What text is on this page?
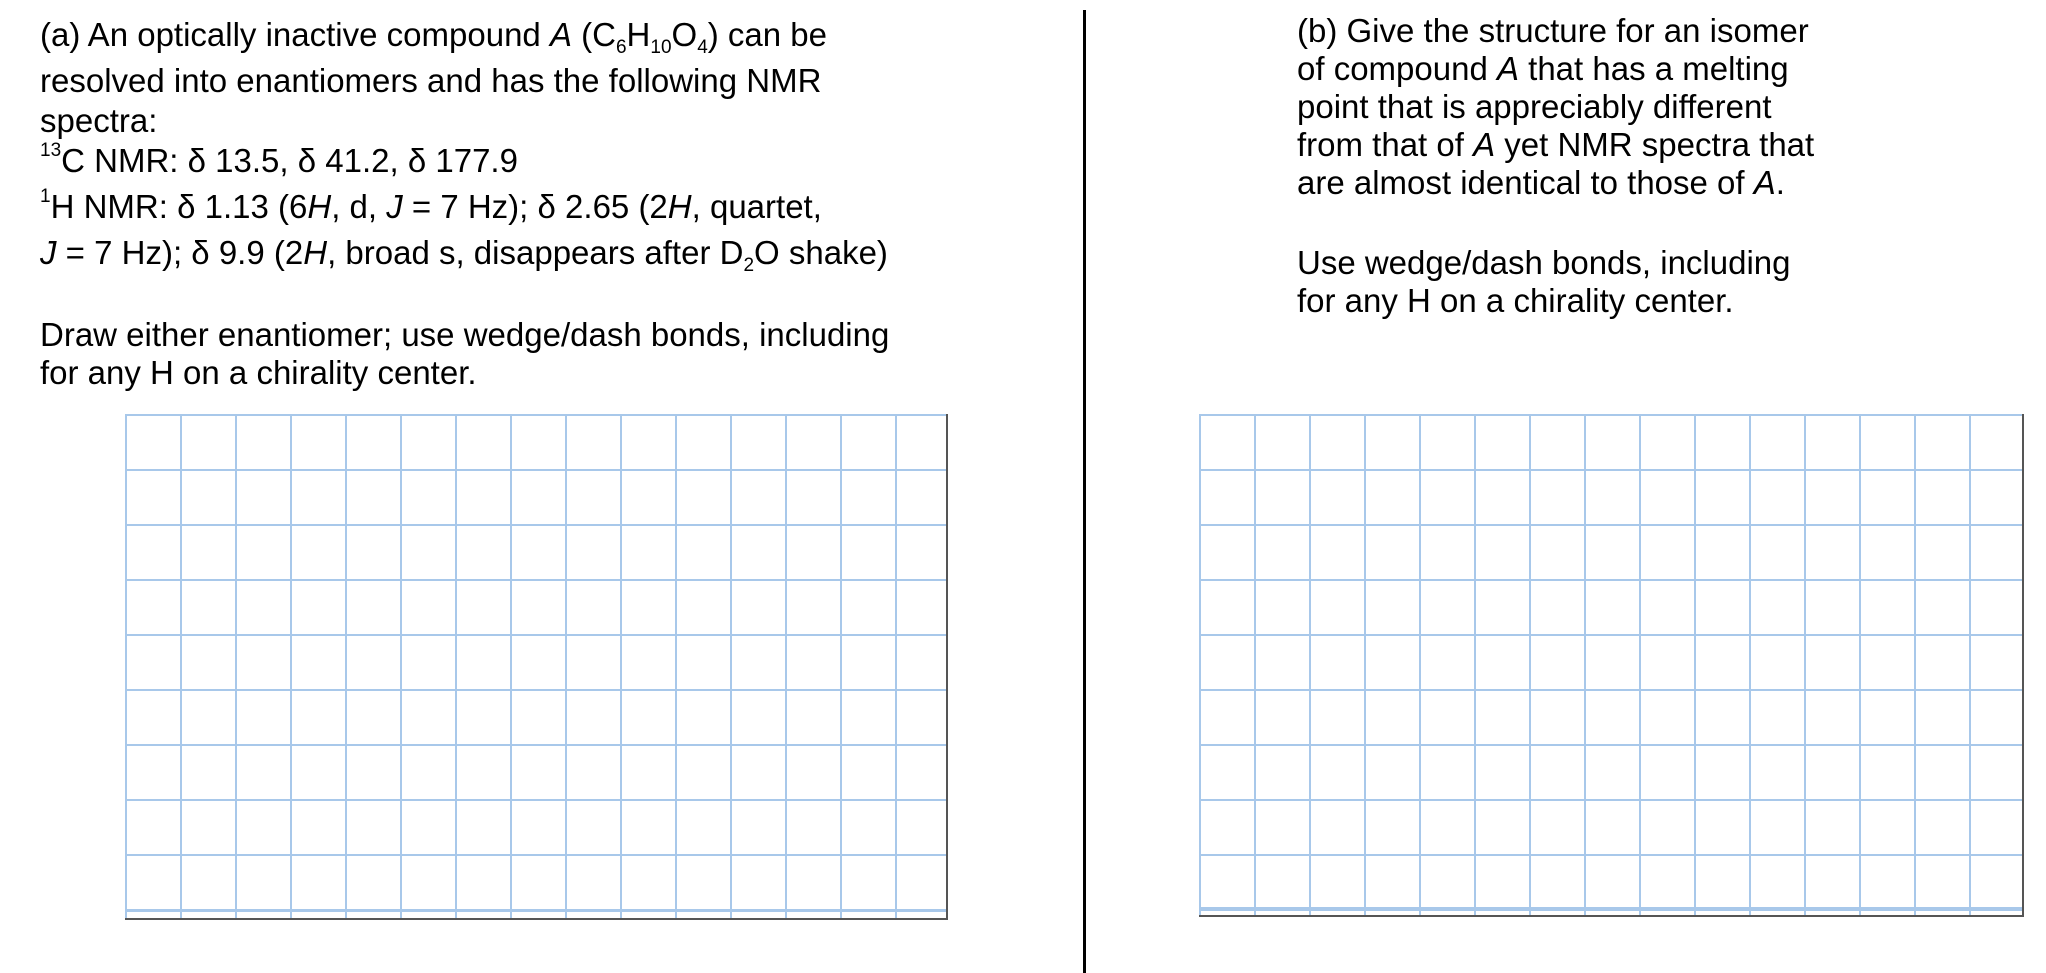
(a) An optically inactive compound A $(C_6H_{10}O_4)$ can be
resolved into enantiomers and has the following NMR
spectra:
$^{13}$C NMR: δ 13.5, δ 41.2, δ 177.9
$^1$H NMR: δ 1.13 (6H, d, J = 7 Hz); δ 2.65 (2H, quartet,
J = 7 Hz); δ 9.9 (2H, broad s, disappears after $D_2O$ shake)
Draw either enantiomer; use wedge/dash bonds, including
for any H on a chirality center.
(b) Give the structure for an isomer
of compound A that has a melting
point that is appreciably different
from that of A yet NMR spectra that
are almost identical to those of A.
Use wedge/dash bonds, including
for any H on a chirality center.
